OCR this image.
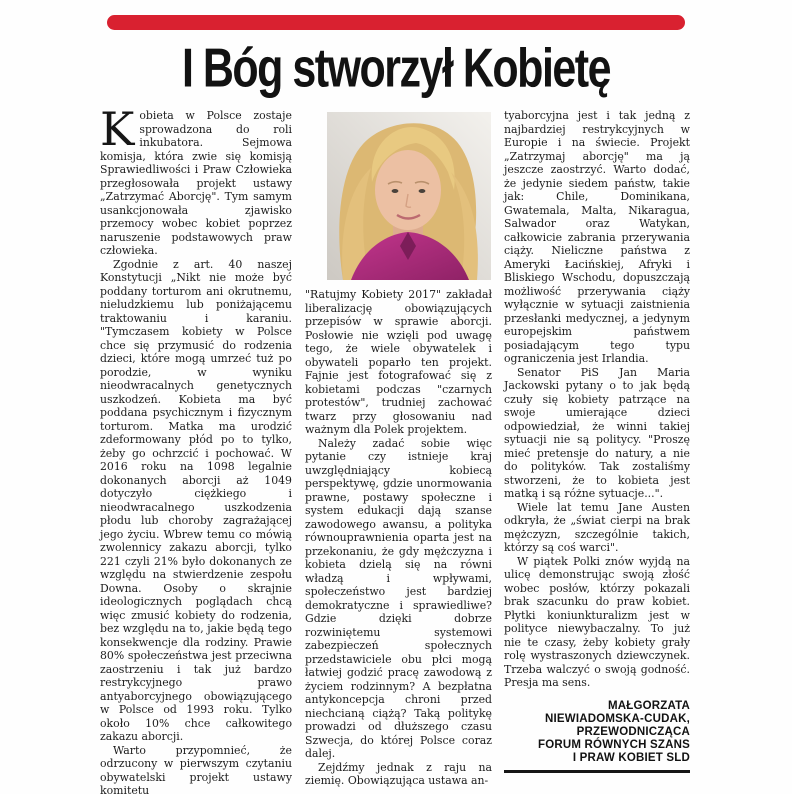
I Bóg stworzył Kobietę

Kobieta w Polsce zostaje sprowadzona do roli inkubatora. Sejmowa komisja, która zwie się komisją Sprawiedliwości i Praw Człowieka przegłosowała projekt ustawy „Zatrzymać Aborcję". Tym samym usankcjonowała zjawisko przemocy wobec kobiet poprzez naruszenie podstawowych praw człowieka.

Zgodnie z art. 40 naszej Konstytucji „Nikt nie może być poddany torturom ani okrutnemu, nieludzkiemu lub poniżającemu traktowaniu i karaniu. "Tymczasem kobiety w Polsce chce się przymusić do rodzenia dzieci, które mogą umrzeć tuż po porodzie, w wyniku nieodwracalnych genetycznych uszkodzeń. Kobieta ma być poddana psychicznym i fizycznym torturom. Matka ma urodzić zdeformowany płód po to tylko, żeby go ochrzcić i pochować. W 2016 roku na 1098 legalnie dokonanych aborcji aż 1049 dotyczyło ciężkiego i nieodwracalnego uszkodzenia płodu lub choroby zagrażającej jego życiu. Wbrew temu co mówią zwolennicy zakazu aborcji, tylko 221 czyli 21% było dokonanych ze względu na stwierdzenie zespołu Downa. Osoby o skrajnie ideologicznych poglądach chcą więc zmusić kobiety do rodzenia, bez względu na to, jakie będą tego konsekwencje dla rodziny. Prawie 80% społeczeństwa jest przeciwna zaostrzeniu i tak już bardzo restrykcyjnego prawo antyaborcyjnego obowiązującego w Polsce od 1993 roku. Tylko około 10% chce całkowitego zakazu aborcji.

Warto przypomnieć, że odrzucony w pierwszym czytaniu obywatelski projekt ustawy komitetu

"Ratujmy Kobiety 2017" zakładał liberalizację obowiązujących przepisów w sprawie aborcji. Posłowie nie wzięli pod uwagę tego, że wiele obywatelek i obywateli poparło ten projekt. Fajnie jest fotografować się z kobietami podczas "czarnych protestów", trudniej zachować twarz przy głosowaniu nad ważnym dla Polek projektem.

Należy zadać sobie więc pytanie czy istnieje kraj uwzględniający kobiecą perspektywę, gdzie unormowania prawne, postawy społeczne i system edukacji dają szanse zawodowego awansu, a polityka równouprawnienia oparta jest na przekonaniu, że gdy mężczyzna i kobieta dzielą się na równi władzą i wpływami, społeczeństwo jest bardziej demokratyczne i sprawiedliwe? Gdzie dzięki dobrze rozwiniętemu systemowi zabezpieczeń społecznych przedstawiciele obu płci mogą łatwiej godzić pracę zawodową z życiem rodzinnym? A bezpłatna antykoncepcja chroni przed niechcianą ciążą? Taką politykę prowadzi od dłuższego czasu Szwecja, do której Polsce coraz dalej.

Zejdźmy jednak z raju na ziemię. Obowiązująca ustawa an-

tyaborcyjna jest i tak jedną z najbardziej restrykcyjnych w Europie i na świecie. Projekt „Zatrzymaj aborcję" ma ją jeszcze zaostrzyć. Warto dodać, że jedynie siedem państw, takie jak: Chile, Dominikana, Gwatemala, Malta, Nikaragua, Salwador oraz Watykan, całkowicie zabrania przerywania ciąży. Nieliczne państwa z Ameryki Łacińskiej, Afryki i Bliskiego Wschodu, dopuszczają możliwość przerywania ciąży wyłącznie w sytuacji zaistnienia przesłanki medycznej, a jedynym europejskim państwem posiadającym tego typu ograniczenia jest Irlandia.

Senator PiS Jan Maria Jackowski pytany o to jak będą czuły się kobiety patrzące na swoje umierające dzieci odpowiedział, że winni takiej sytuacji nie są politycy. "Proszę mieć pretensje do natury, a nie do polityków. Tak zostaliśmy stworzeni, że to kobieta jest matką i są różne sytuacje...".

Wiele lat temu Jane Austen odkryła, że „świat cierpi na brak mężczyzn, szczególnie takich, którzy są coś warci".

W piątek Polki znów wyjdą na ulicę demonstrując swoją złość wobec posłów, którzy pokazali brak szacunku do praw kobiet. Płytki koniunkturalizm jest w polityce niewybaczalny. To już nie te czasy, żeby kobiety grały rolę wystraszonych dziewczynek. Trzeba walczyć o swoją godność. Presja ma sens.

MAŁGORZATA
NIEWIADOMSKA-CUDAK,
PRZEWODNICZĄCA
FORUM RÓWNYCH SZANS
I PRAW KOBIET SLD
